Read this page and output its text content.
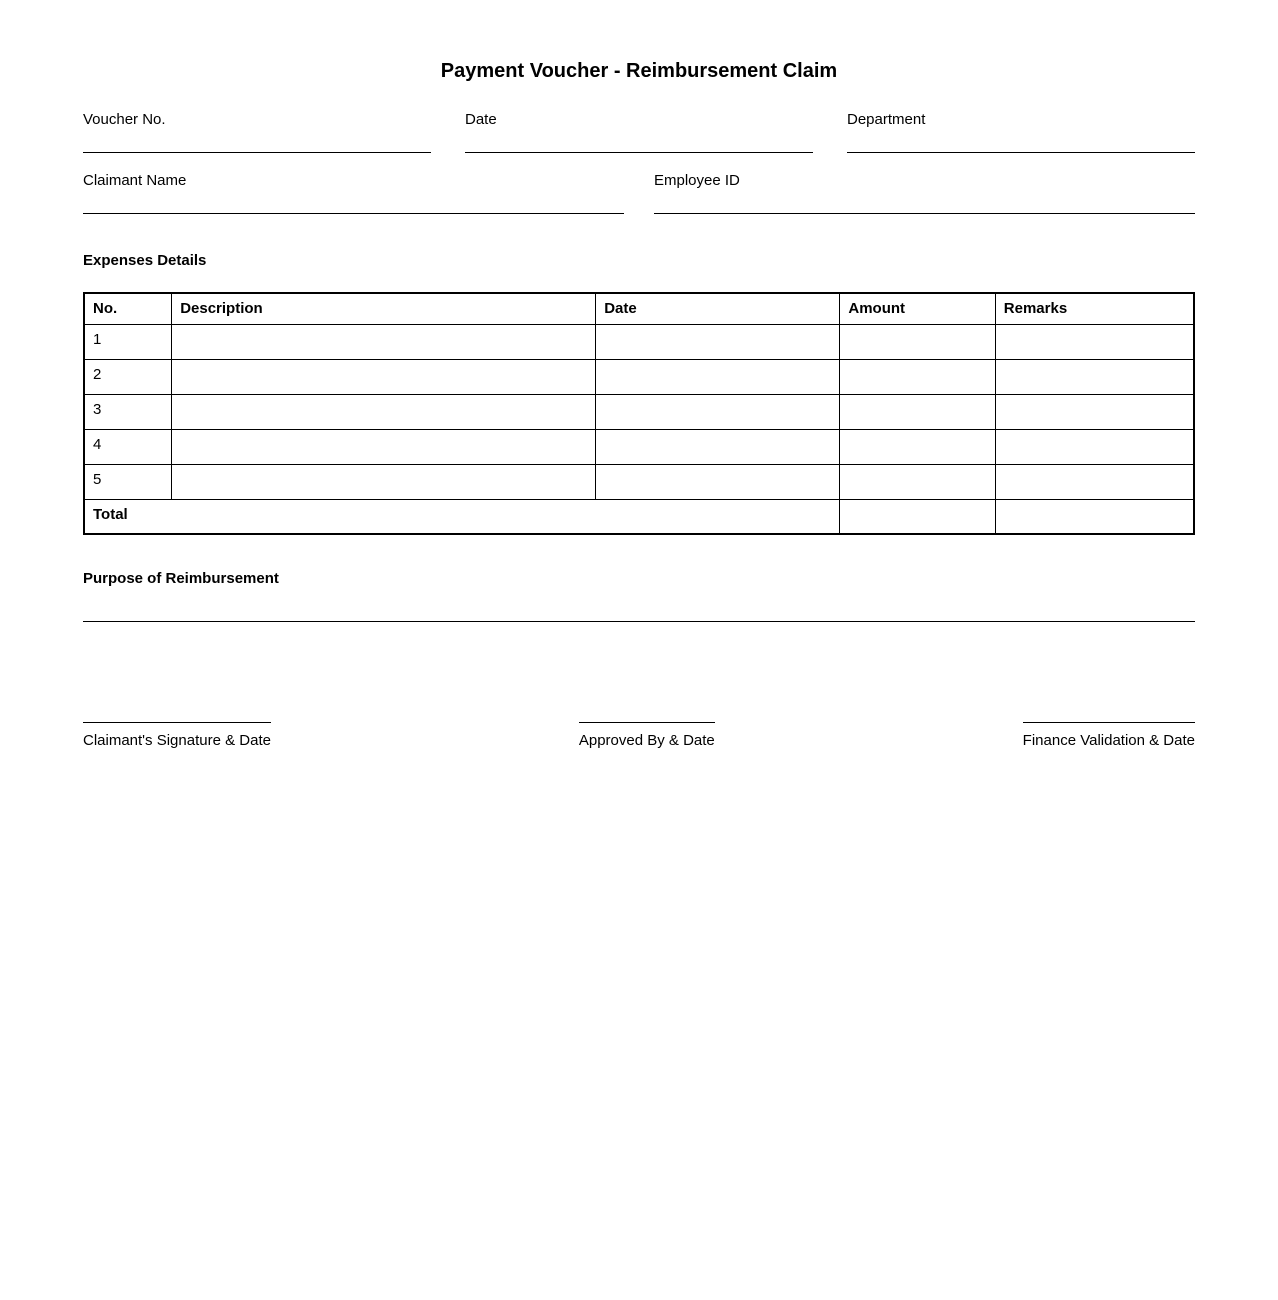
Payment Voucher - Reimbursement Claim
Voucher No.	Date	Department
Claimant Name	Employee ID
Expenses Details
No.	Description	Date	Amount	Remarks
1				
2				
3				
4				
5				
Total				
Purpose of Reimbursement
Claimant's Signature & Date	Approved By & Date	Finance Validation & Date
